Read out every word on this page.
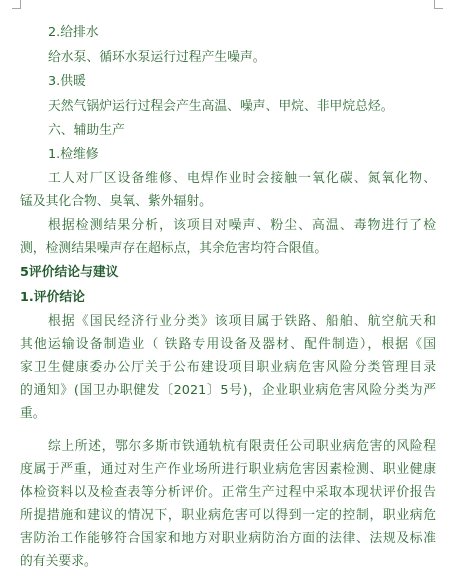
2.给排水
给水泵、循环水泵运行过程产生噪声。
3.供暖
天然气锅炉运行过程会产生高温、噪声、甲烷、非甲烷总烃。
六、辅助生产
1.检维修
工人对厂区设备维修、电焊作业时会接触一氧化碳、氮氧化物、
锰及其化合物、臭氧、紫外辐射。
根据检测结果分析，该项目对噪声、粉尘、高温、毒物进行了检
测，检测结果噪声存在超标点，其余危害均符合限值。
5评价结论与建议
1.评价结论
根据《国民经济行业分类》该项目属于铁路、船舶、航空航天和
其他运输设备制造业（ 铁路专用设备及器材、配件制造），根据《国
家卫生健康委办公厅关于公布建设项目职业病危害风险分类管理目录
的通知》(国卫办职健发〔2021〕5号)，企业职业病危害风险分类为严
重。
综上所述，鄂尔多斯市铁通轨杭有限责任公司职业病危害的风险程
度属于严重，通过对生产作业场所进行职业病危害因素检测、职业健康
体检资料以及检查表等分析评价。正常生产过程中采取本现状评价报告
所提措施和建议的情况下，职业病危害可以得到一定的控制，职业病危
害防治工作能够符合国家和地方对职业病防治方面的法律、法规及标准
的有关要求。
